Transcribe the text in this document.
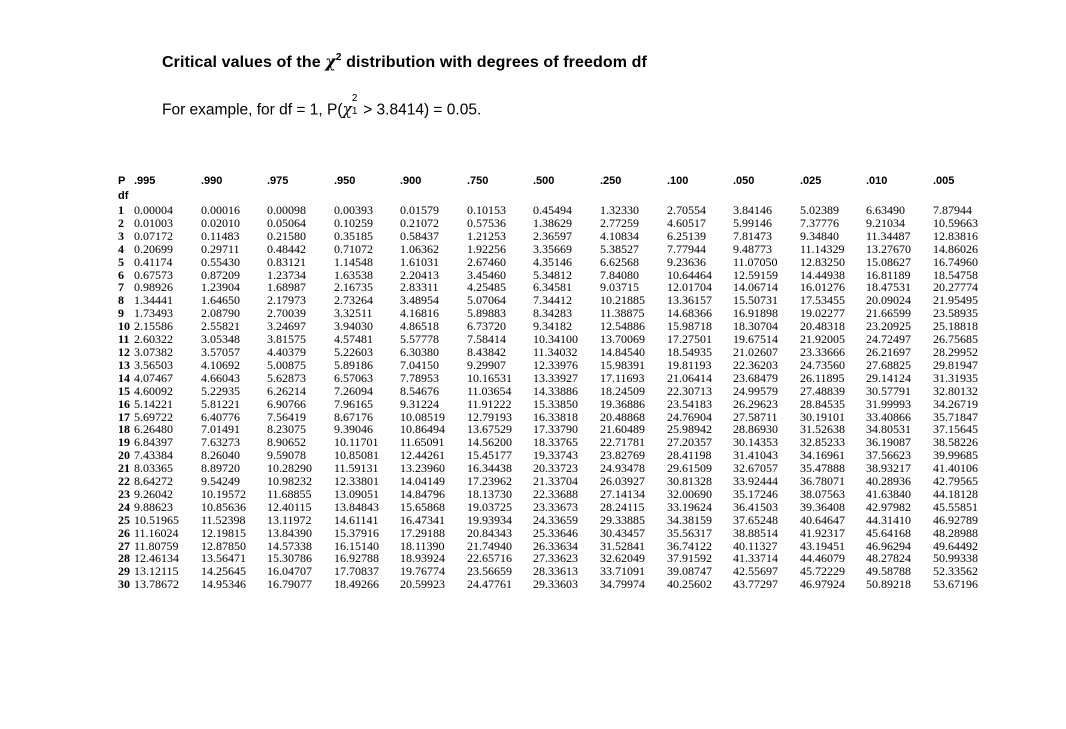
Critical values of the $\chi^2$ distribution with degrees of freedom df
For example, for df = 1, P(χ
2
1 > 3.8414) = 0.05.
P	.995	.990	.975	.950	.900	.750	.500	.250	.100	.050	.025	.010	.005
df													
1	0.00004	0.00016	0.00098	0.00393	0.01579	0.10153	0.45494	1.32330	2.70554	3.84146	5.02389	6.63490	7.87944
2	0.01003	0.02010	0.05064	0.10259	0.21072	0.57536	1.38629	2.77259	4.60517	5.99146	7.37776	9.21034	10.59663
3	0.07172	0.11483	0.21580	0.35185	0.58437	1.21253	2.36597	4.10834	6.25139	7.81473	9.34840	11.34487	12.83816
4	0.20699	0.29711	0.48442	0.71072	1.06362	1.92256	3.35669	5.38527	7.77944	9.48773	11.14329	13.27670	14.86026
5	0.41174	0.55430	0.83121	1.14548	1.61031	2.67460	4.35146	6.62568	9.23636	11.07050	12.83250	15.08627	16.74960
6	0.67573	0.87209	1.23734	1.63538	2.20413	3.45460	5.34812	7.84080	10.64464	12.59159	14.44938	16.81189	18.54758
7	0.98926	1.23904	1.68987	2.16735	2.83311	4.25485	6.34581	9.03715	12.01704	14.06714	16.01276	18.47531	20.27774
8	1.34441	1.64650	2.17973	2.73264	3.48954	5.07064	7.34412	10.21885	13.36157	15.50731	17.53455	20.09024	21.95495
9	1.73493	2.08790	2.70039	3.32511	4.16816	5.89883	8.34283	11.38875	14.68366	16.91898	19.02277	21.66599	23.58935
10	2.15586	2.55821	3.24697	3.94030	4.86518	6.73720	9.34182	12.54886	15.98718	18.30704	20.48318	23.20925	25.18818
11	2.60322	3.05348	3.81575	4.57481	5.57778	7.58414	10.34100	13.70069	17.27501	19.67514	21.92005	24.72497	26.75685
12	3.07382	3.57057	4.40379	5.22603	6.30380	8.43842	11.34032	14.84540	18.54935	21.02607	23.33666	26.21697	28.29952
13	3.56503	4.10692	5.00875	5.89186	7.04150	9.29907	12.33976	15.98391	19.81193	22.36203	24.73560	27.68825	29.81947
14	4.07467	4.66043	5.62873	6.57063	7.78953	10.16531	13.33927	17.11693	21.06414	23.68479	26.11895	29.14124	31.31935
15	4.60092	5.22935	6.26214	7.26094	8.54676	11.03654	14.33886	18.24509	22.30713	24.99579	27.48839	30.57791	32.80132
16	5.14221	5.81221	6.90766	7.96165	9.31224	11.91222	15.33850	19.36886	23.54183	26.29623	28.84535	31.99993	34.26719
17	5.69722	6.40776	7.56419	8.67176	10.08519	12.79193	16.33818	20.48868	24.76904	27.58711	30.19101	33.40866	35.71847
18	6.26480	7.01491	8.23075	9.39046	10.86494	13.67529	17.33790	21.60489	25.98942	28.86930	31.52638	34.80531	37.15645
19	6.84397	7.63273	8.90652	10.11701	11.65091	14.56200	18.33765	22.71781	27.20357	30.14353	32.85233	36.19087	38.58226
20	7.43384	8.26040	9.59078	10.85081	12.44261	15.45177	19.33743	23.82769	28.41198	31.41043	34.16961	37.56623	39.99685
21	8.03365	8.89720	10.28290	11.59131	13.23960	16.34438	20.33723	24.93478	29.61509	32.67057	35.47888	38.93217	41.40106
22	8.64272	9.54249	10.98232	12.33801	14.04149	17.23962	21.33704	26.03927	30.81328	33.92444	36.78071	40.28936	42.79565
23	9.26042	10.19572	11.68855	13.09051	14.84796	18.13730	22.33688	27.14134	32.00690	35.17246	38.07563	41.63840	44.18128
24	9.88623	10.85636	12.40115	13.84843	15.65868	19.03725	23.33673	28.24115	33.19624	36.41503	39.36408	42.97982	45.55851
25	10.51965	11.52398	13.11972	14.61141	16.47341	19.93934	24.33659	29.33885	34.38159	37.65248	40.64647	44.31410	46.92789
26	11.16024	12.19815	13.84390	15.37916	17.29188	20.84343	25.33646	30.43457	35.56317	38.88514	41.92317	45.64168	48.28988
27	11.80759	12.87850	14.57338	16.15140	18.11390	21.74940	26.33634	31.52841	36.74122	40.11327	43.19451	46.96294	49.64492
28	12.46134	13.56471	15.30786	16.92788	18.93924	22.65716	27.33623	32.62049	37.91592	41.33714	44.46079	48.27824	50.99338
29	13.12115	14.25645	16.04707	17.70837	19.76774	23.56659	28.33613	33.71091	39.08747	42.55697	45.72229	49.58788	52.33562
30	13.78672	14.95346	16.79077	18.49266	20.59923	24.47761	29.33603	34.79974	40.25602	43.77297	46.97924	50.89218	53.67196
